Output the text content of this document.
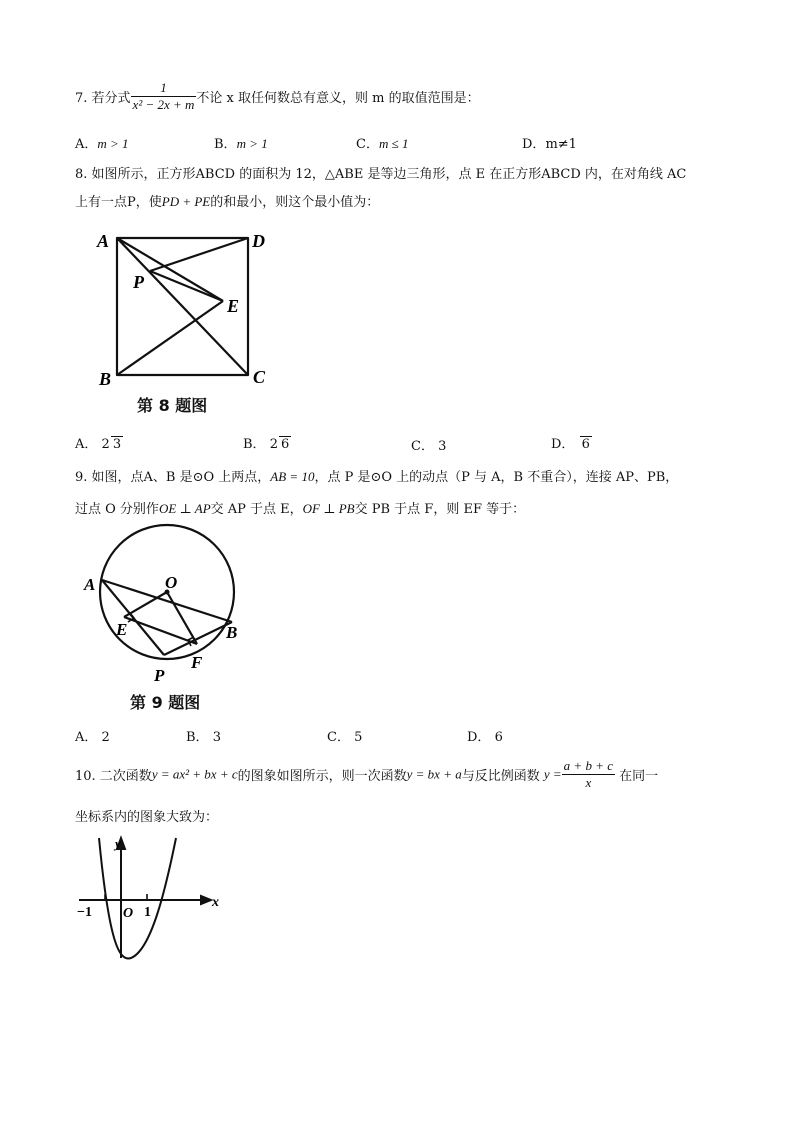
7. 若分式 $\frac{1}{\text{x² − 2x + m}}$ 不论 x 取任何数总有意义，则 m 的取值范围是：
A．m > 1	B．m > 1	C．m ≤ 1	D．m≠1
8. 如图所示，正方形ABCD 的面积为 12，△ABE 是等边三角形，点 E 在正方形ABCD 内，在对角线 AC
上有一点P，使PD + PE的和最小，则这个最小值为：
A	D
B	C
E
P
第 8 题图
A． 2 3	B． 2 6	C． 3	D． 6
9. 如图，点A、B 是⊙O 上两点，AB = 10，点 P 是⊙O 上的动点（P 与 A，B 不重合），连接 AP、PB，
过点 O 分别作OE ⊥ AP交 AP 于点 E，OF ⊥ PB交 PB 于点 F，则 EF 等于：
A	O
E	B
F
P
第 9 题图
A． 2	B． 3	C． 5	D． 6
10. 二次函数y = ax² + bx + c的图象如图所示，则一次函数y = bx + a与反比例函数 $y = \frac{a + b + c}{x}$ 在同一
坐标系内的图象大致为：
y
x
−1 O 1
